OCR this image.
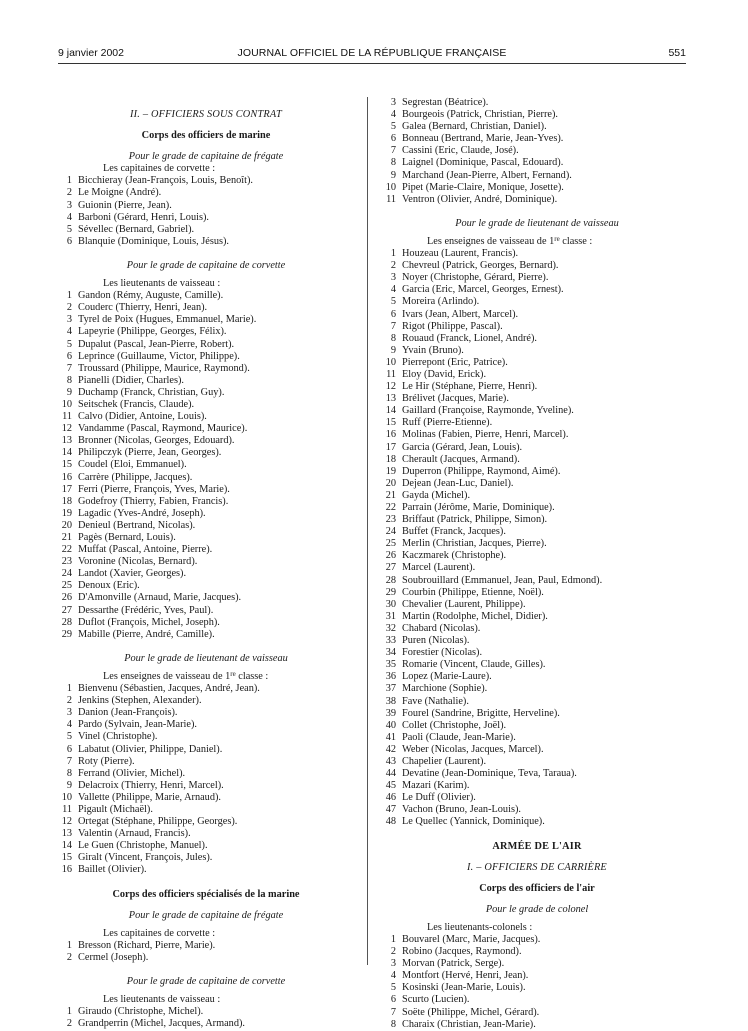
9 janvier 2002	JOURNAL OFFICIEL DE LA RÉPUBLIQUE FRANÇAISE	551
II. – OFFICIERS SOUS CONTRAT
Corps des officiers de marine
Pour le grade de capitaine de frégate
Les capitaines de corvette :
1 Bicchieray (Jean-François, Louis, Benoît).
2 Le Moigne (André).
3 Guionin (Pierre, Jean).
4 Barboni (Gérard, Henri, Louis).
5 Sévellec (Bernard, Gabriel).
6 Blanquie (Dominique, Louis, Jésus).
Pour le grade de capitaine de corvette
Les lieutenants de vaisseau :
1 Gandon (Rémy, Auguste, Camille).
2 Couderc (Thierry, Henri, Jean).
3 Tyrel de Poix (Hugues, Emmanuel, Marie).
4 Lapeyrie (Philippe, Georges, Félix).
5 Dupalut (Pascal, Jean-Pierre, Robert).
6 Leprince (Guillaume, Victor, Philippe).
7 Troussard (Philippe, Maurice, Raymond).
8 Pianelli (Didier, Charles).
9 Duchamp (Franck, Christian, Guy).
10 Seitschek (Francis, Claude).
11 Calvo (Didier, Antoine, Louis).
12 Vandamme (Pascal, Raymond, Maurice).
13 Bronner (Nicolas, Georges, Edouard).
14 Philipczyk (Pierre, Jean, Georges).
15 Coudel (Eloi, Emmanuel).
16 Carrère (Philippe, Jacques).
17 Ferri (Pierre, François, Yves, Marie).
18 Godefroy (Thierry, Fabien, Francis).
19 Lagadic (Yves-André, Joseph).
20 Denieul (Bertrand, Nicolas).
21 Pagès (Bernard, Louis).
22 Muffat (Pascal, Antoine, Pierre).
23 Voronine (Nicolas, Bernard).
24 Landot (Xavier, Georges).
25 Denoux (Eric).
26 D'Amonville (Arnaud, Marie, Jacques).
27 Dessarthe (Frédéric, Yves, Paul).
28 Duflot (François, Michel, Joseph).
29 Mabille (Pierre, André, Camille).
Pour le grade de lieutenant de vaisseau
Les enseignes de vaisseau de 1re classe :
1 Bienvenu (Sébastien, Jacques, André, Jean).
2 Jenkins (Stephen, Alexander).
3 Danion (Jean-François).
4 Pardo (Sylvain, Jean-Marie).
5 Vinel (Christophe).
6 Labatut (Olivier, Philippe, Daniel).
7 Roty (Pierre).
8 Ferrand (Olivier, Michel).
9 Delacroix (Thierry, Henri, Marcel).
10 Vallette (Philippe, Marie, Arnaud).
11 Pigault (Michaël).
12 Ortegat (Stéphane, Philippe, Georges).
13 Valentin (Arnaud, Francis).
14 Le Guen (Christophe, Manuel).
15 Giralt (Vincent, François, Jules).
16 Baillet (Olivier).
Corps des officiers spécialisés de la marine
Pour le grade de capitaine de frégate
Les capitaines de corvette :
1 Bresson (Richard, Pierre, Marie).
2 Cermel (Joseph).
Pour le grade de capitaine de corvette
Les lieutenants de vaisseau :
1 Giraudo (Christophe, Michel).
2 Grandperrin (Michel, Jacques, Armand).
3 Segrestan (Béatrice).
4 Bourgeois (Patrick, Christian, Pierre).
5 Galea (Bernard, Christian, Daniel).
6 Bonneau (Bertrand, Marie, Jean-Yves).
7 Cassini (Eric, Claude, José).
8 Laignel (Dominique, Pascal, Edouard).
9 Marchand (Jean-Pierre, Albert, Fernand).
10 Pipet (Marie-Claire, Monique, Josette).
11 Ventron (Olivier, André, Dominique).
Pour le grade de lieutenant de vaisseau
Les enseignes de vaisseau de 1re classe :
1 Houzeau (Laurent, Francis).
2 Chevreul (Patrick, Georges, Bernard).
3 Noyer (Christophe, Gérard, Pierre).
4 Garcia (Eric, Marcel, Georges, Ernest).
5 Moreira (Arlindo).
6 Ivars (Jean, Albert, Marcel).
7 Rigot (Philippe, Pascal).
8 Rouaud (Franck, Lionel, André).
9 Yvain (Bruno).
10 Pierrepont (Eric, Patrice).
11 Eloy (David, Erick).
12 Le Hir (Stéphane, Pierre, Henri).
13 Brélivet (Jacques, Marie).
14 Gaillard (Françoise, Raymonde, Yveline).
15 Ruff (Pierre-Etienne).
16 Molinas (Fabien, Pierre, Henri, Marcel).
17 Garcia (Gérard, Jean, Louis).
18 Cherault (Jacques, Armand).
19 Duperron (Philippe, Raymond, Aimé).
20 Dejean (Jean-Luc, Daniel).
21 Gayda (Michel).
22 Parrain (Jérôme, Marie, Dominique).
23 Briffaut (Patrick, Philippe, Simon).
24 Buffet (Franck, Jacques).
25 Merlin (Christian, Jacques, Pierre).
26 Kaczmarek (Christophe).
27 Marcel (Laurent).
28 Soubrouillard (Emmanuel, Jean, Paul, Edmond).
29 Courbin (Philippe, Etienne, Noël).
30 Chevalier (Laurent, Philippe).
31 Martin (Rodolphe, Michel, Didier).
32 Chabard (Nicolas).
33 Puren (Nicolas).
34 Forestier (Nicolas).
35 Romarie (Vincent, Claude, Gilles).
36 Lopez (Marie-Laure).
37 Marchione (Sophie).
38 Fave (Nathalie).
39 Fourel (Sandrine, Brigitte, Herveline).
40 Collet (Christophe, Joël).
41 Paoli (Claude, Jean-Marie).
42 Weber (Nicolas, Jacques, Marcel).
43 Chapelier (Laurent).
44 Devatine (Jean-Dominique, Teva, Taraua).
45 Mazari (Karim).
46 Le Duff (Olivier).
47 Vachon (Bruno, Jean-Louis).
48 Le Quellec (Yannick, Dominique).
ARMÉE DE L'AIR
I. – OFFICIERS DE CARRIÈRE
Corps des officiers de l'air
Pour le grade de colonel
Les lieutenants-colonels :
1 Bouvarel (Marc, Marie, Jacques).
2 Robino (Jacques, Raymond).
3 Morvan (Patrick, Serge).
4 Montfort (Hervé, Henri, Jean).
5 Kosinski (Jean-Marie, Louis).
6 Scurto (Lucien).
7 Soëte (Philippe, Michel, Gérard).
8 Charaix (Christian, Jean-Marie).
